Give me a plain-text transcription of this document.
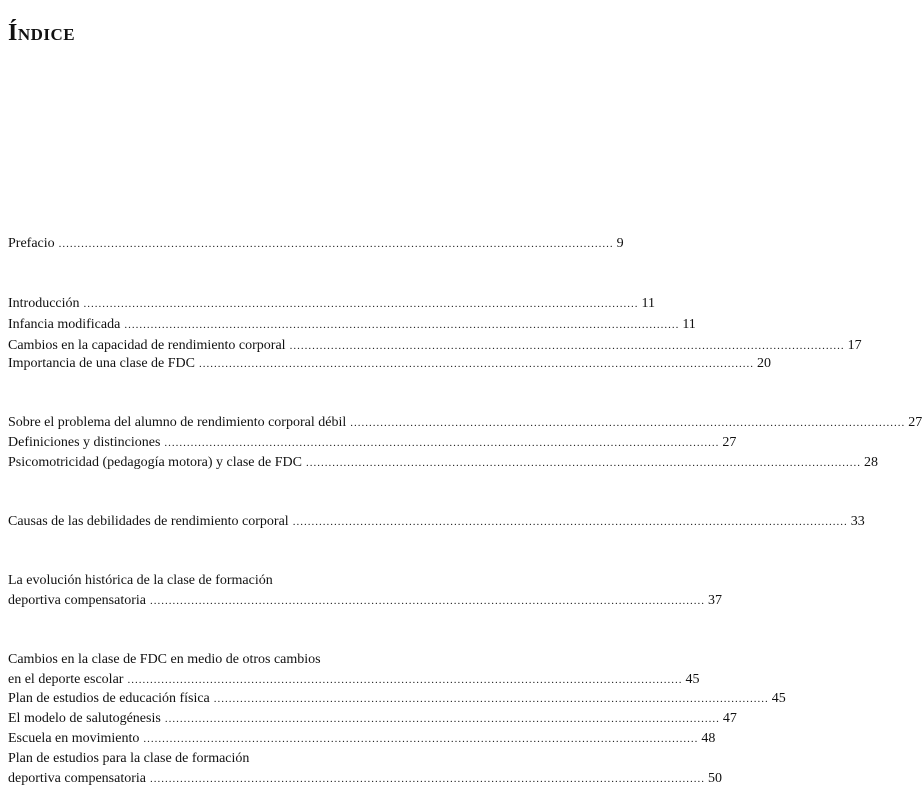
Índice
Prefacio .................................................................................................................................................... 9
Introducción .................................................................................................................................................... 11
Infancia modificada .................................................................................................................................................... 11
Cambios en la capacidad de rendimiento corporal .................................................................................................................................................... 17
Importancia de una clase de FDC .................................................................................................................................................... 20
Sobre el problema del alumno de rendimiento corporal débil .................................................................................................................................................... 27
Definiciones y distinciones .................................................................................................................................................... 27
Psicomotricidad (pedagogía motora) y clase de FDC .................................................................................................................................................... 28
Causas de las debilidades de rendimiento corporal .................................................................................................................................................... 33
La evolución histórica de la clase de formación
deportiva compensatoria .................................................................................................................................................... 37
Cambios en la clase de FDC en medio de otros cambios
en el deporte escolar .................................................................................................................................................... 45
Plan de estudios de educación física .................................................................................................................................................... 45
El modelo de salutogénesis .................................................................................................................................................... 47
Escuela en movimiento .................................................................................................................................................... 48
Plan de estudios para la clase de formación
deportiva compensatoria .................................................................................................................................................... 50
